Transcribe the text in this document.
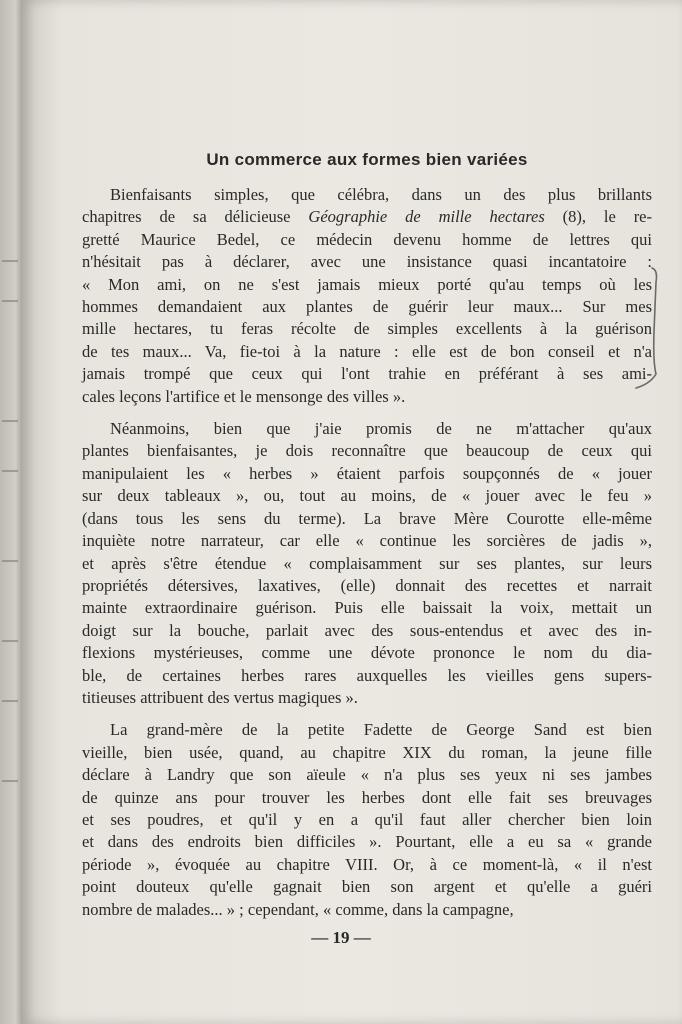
Un commerce aux formes bien variées
Bienfaisants simples, que célébra, dans un des plus brillants
chapitres de sa délicieuse Géographie de mille hectares (8), le re-
gretté Maurice Bedel, ce médecin devenu homme de lettres qui
n'hésitait pas à déclarer, avec une insistance quasi incantatoire :
« Mon ami, on ne s'est jamais mieux porté qu'au temps où les
hommes demandaient aux plantes de guérir leur maux... Sur mes
mille hectares, tu feras récolte de simples excellents à la guérison
de tes maux... Va, fie-toi à la nature : elle est de bon conseil et n'a
jamais trompé que ceux qui l'ont trahie en préférant à ses ami-
cales leçons l'artifice et le mensonge des villes ».
Néanmoins, bien que j'aie promis de ne m'attacher qu'aux
plantes bienfaisantes, je dois reconnaître que beaucoup de ceux qui
manipulaient les « herbes » étaient parfois soupçonnés de « jouer
sur deux tableaux », ou, tout au moins, de « jouer avec le feu »
(dans tous les sens du terme). La brave Mère Courotte elle-même
inquiète notre narrateur, car elle « continue les sorcières de jadis »,
et après s'être étendue « complaisamment sur ses plantes, sur leurs
propriétés détersives, laxatives, (elle) donnait des recettes et narrait
mainte extraordinaire guérison. Puis elle baissait la voix, mettait un
doigt sur la bouche, parlait avec des sous-entendus et avec des in-
flexions mystérieuses, comme une dévote prononce le nom du dia-
ble, de certaines herbes rares auxquelles les vieilles gens supers-
titieuses attribuent des vertus magiques ».
La grand-mère de la petite Fadette de George Sand est bien
vieille, bien usée, quand, au chapitre XIX du roman, la jeune fille
déclare à Landry que son aïeule « n'a plus ses yeux ni ses jambes
de quinze ans pour trouver les herbes dont elle fait ses breuvages
et ses poudres, et qu'il y en a qu'il faut aller chercher bien loin
et dans des endroits bien difficiles ». Pourtant, elle a eu sa « grande
période », évoquée au chapitre VIII. Or, à ce moment-là, « il n'est
point douteux qu'elle gagnait bien son argent et qu'elle a guéri
nombre de malades... » ; cependant, « comme, dans la campagne,
— 19 —
